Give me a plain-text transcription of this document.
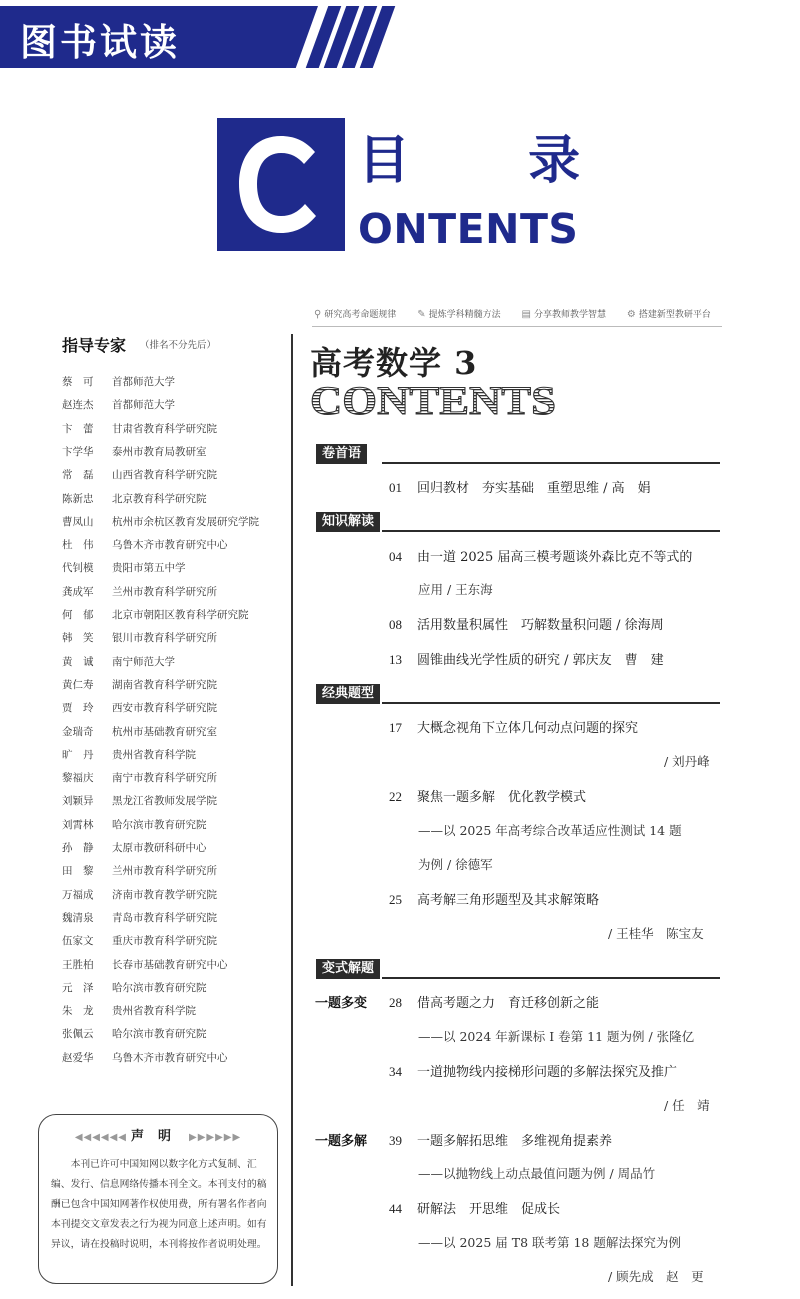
图书试读
目 录
ONTENTS
指导专家 （排名不分先后）
蔡　可 首都师范大学
赵连杰 首都师范大学
卞　蕾 甘肃省教育科学研究院
卞学华 泰州市教育局教研室
常　磊 山西省教育科学研究院
陈新忠 北京教育科学研究院
曹凤山 杭州市余杭区教育发展研究学院
杜　伟 乌鲁木齐市教育研究中心
代钊模 贵阳市第五中学
龚成军 兰州市教育科学研究所
何　郁 北京市朝阳区教育科学研究院
韩　笑 银川市教育科学研究所
黄　诚 南宁师范大学
黄仁寿 湖南省教育科学研究院
贾　玲 西安市教育科学研究院
金瑞奇 杭州市基础教育研究室
旷　丹 贵州省教育科学院
黎福庆 南宁市教育科学研究所
刘颖异 黑龙江省教师发展学院
刘霄林 哈尔滨市教育研究院
孙　静 太原市教研科研中心
田　黎 兰州市教育科学研究所
万福成 济南市教育教学研究院
魏清泉 青岛市教育科学研究院
伍家文 重庆市教育科学研究院
王胜柏 长春市基础教育研究中心
元　泽 哈尔滨市教育研究院
朱　龙 贵州省教育科学院
张佩云 哈尔滨市教育研究院
赵爱华 乌鲁木齐市教育研究中心
◀◀◀◀◀◀ 声明 ▶▶▶▶▶▶
本刊已许可中国知网以数字化方式复制、汇编、发行、信息网络传播本刊全文。本刊支付的稿酬已包含中国知网著作权使用费，所有署名作者向本刊提交文章发表之行为视为同意上述声明。如有异议，请在投稿时说明，本刊将按作者说明处理。
⚲ 研究高考命题规律 ✎ 提炼学科精髓方法 ▤ 分享教师教学智慧 ⚙ 搭建新型教研平台
高考数学 3
CONTENTS
卷首语
知识解读
经典题型
变式解题
01 回归教材　夯实基础　重塑思维 / 高　娟
04 由一道 2025 届高三模考题谈外森比克不等式的
应用 / 王东海
08 活用数量积属性　巧解数量积问题 / 徐海周
13 圆锥曲线光学性质的研究 / 郭庆友　曹　建
17 大概念视角下立体几何动点问题的探究
/ 刘丹峰
22 聚焦一题多解　优化教学模式
——以 2025 年高考综合改革适应性测试 14 题
为例 / 徐德军
25 高考解三角形题型及其求解策略
/ 王桂华　陈宝友
一题多变 28 借高考题之力　育迁移创新之能
——以 2024 年新课标 Ⅰ 卷第 11 题为例 / 张隆亿
34 一道抛物线内接梯形问题的多解法探究及推广
/ 任　靖
一题多解 39 一题多解拓思维　多维视角提素养
——以抛物线上动点最值问题为例 / 周品竹
44 研解法　开思维　促成长
——以 2025 届 T8 联考第 18 题解法探究为例
/ 顾先成　赵　更
